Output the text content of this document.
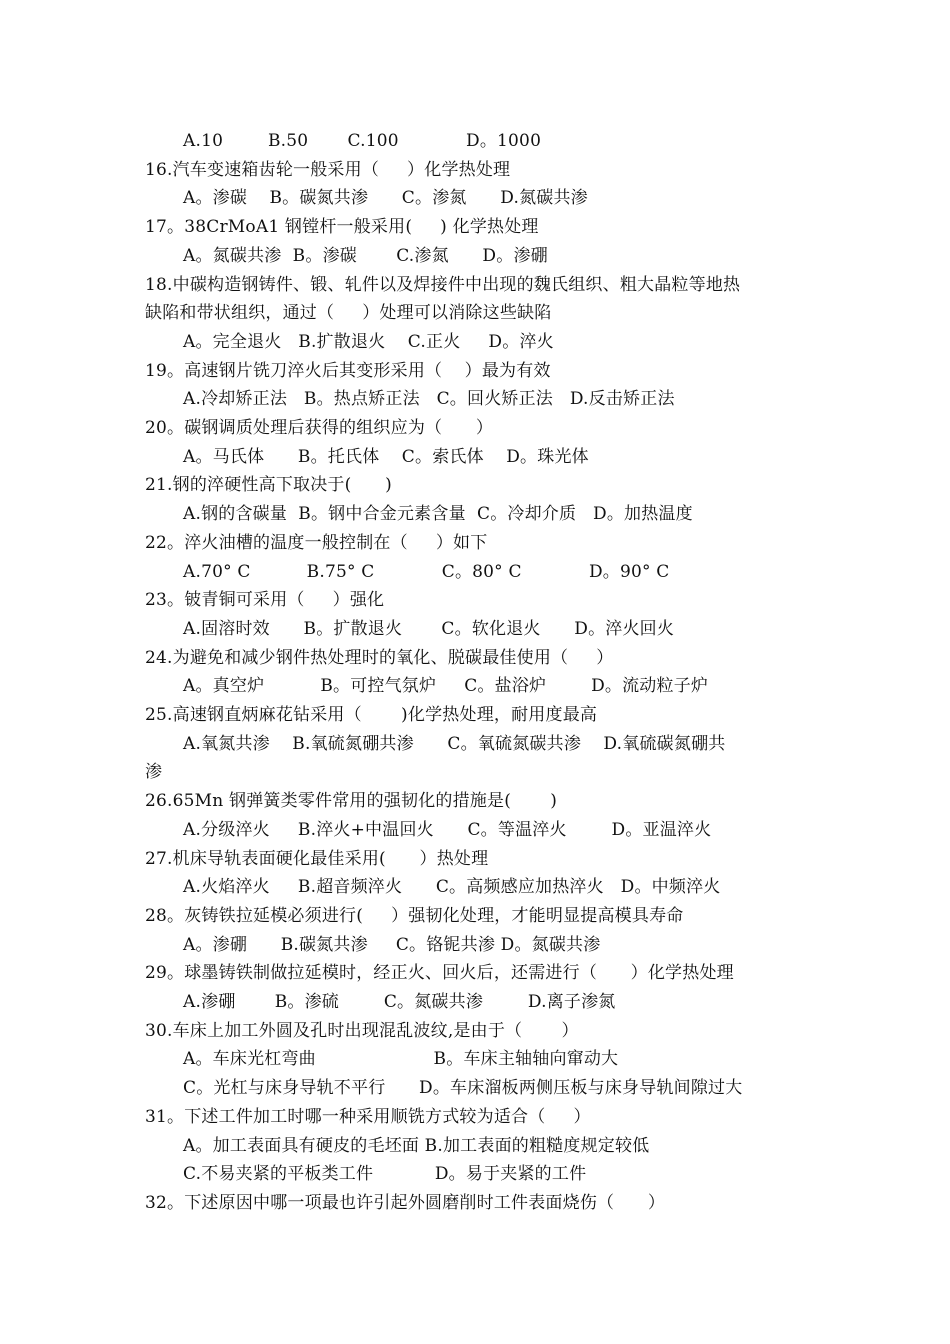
A.10        B.50       C.100            D。1000
16.汽车变速箱齿轮一般采用（     ）化学热处理
A。渗碳    B。碳氮共渗      C。渗氮      D.氮碳共渗
17。38CrMoA1 钢镗杆一般采用(     ) 化学热处理
A。氮碳共渗  B。渗碳       C.渗氮      D。渗硼
18.中碳构造钢铸件、锻、轧件以及焊接件中出现的魏氏组织、粗大晶粒等地热
缺陷和带状组织，通过（     ）处理可以消除这些缺陷
A。完全退火   B.扩散退火    C.正火     D。淬火
19。高速钢片铣刀淬火后其变形采用（    ）最为有效
A.冷却矫正法   B。热点矫正法   C。回火矫正法   D.反击矫正法
20。碳钢调质处理后获得的组织应为（      ）
A。马氏体      B。托氏体    C。索氏体    D。珠光体
21.钢的淬硬性高下取决于(      )
A.钢的含碳量  B。钢中合金元素含量  C。冷却介质   D。加热温度
22。淬火油槽的温度一般控制在（     ）如下
A.70° C          B.75° C            C。80° C            D。90° C
23。铍青铜可采用（     ）强化
A.固溶时效      B。扩散退火       C。软化退火      D。淬火回火
24.为避免和减少钢件热处理时的氧化、脱碳最佳使用（     ）
A。真空炉          B。可控气氛炉     C。盐浴炉        D。流动粒子炉
25.高速钢直炳麻花钻采用（       )化学热处理，耐用度最高
A.氧氮共渗    B.氧硫氮硼共渗      C。氧硫氮碳共渗    D.氧硫碳氮硼共
渗
26.65Mn 钢弹簧类零件常用的强韧化的措施是(       )
A.分级淬火     B.淬火+中温回火      C。等温淬火        D。亚温淬火
27.机床导轨表面硬化最佳采用(      ）热处理
A.火焰淬火     B.超音频淬火      C。高频感应加热淬火   D。中频淬火
28。灰铸铁拉延模必须进行(     ）强韧化处理，才能明显提高模具寿命
A。渗硼      B.碳氮共渗     C。铬铌共渗 D。氮碳共渗
29。球墨铸铁制做拉延模时，经正火、回火后，还需进行（      ）化学热处理
A.渗硼       B。渗硫        C。氮碳共渗        D.离子渗氮
30.车床上加工外圆及孔时出现混乱波纹,是由于（       ）
A。车床光杠弯曲                     B。车床主轴轴向窜动大
C。光杠与床身导轨不平行      D。车床溜板两侧压板与床身导轨间隙过大
31。下述工件加工时哪一种采用顺铣方式较为适合（     ）
A。加工表面具有硬皮的毛坯面 B.加工表面的粗糙度规定较低
C.不易夹紧的平板类工件           D。易于夹紧的工件
32。下述原因中哪一项最也许引起外圆磨削时工件表面烧伤（      ）
